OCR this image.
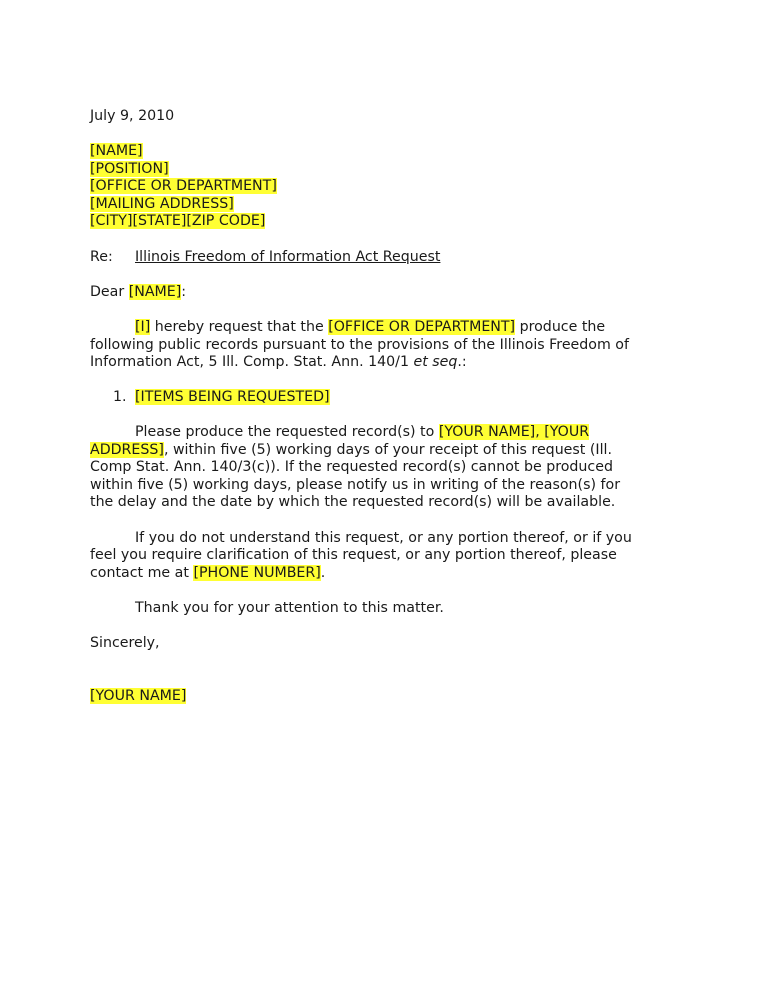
July 9, 2010
[NAME]
[POSITION]
[OFFICE OR DEPARTMENT]
[MAILING ADDRESS]
[CITY][STATE][ZIP CODE]
Re: Illinois Freedom of Information Act Request
Dear [NAME]:
[I] hereby request that the [OFFICE OR DEPARTMENT] produce the
following public records pursuant to the provisions of the Illinois Freedom of
Information Act, 5 Ill. Comp. Stat. Ann. 140/1 et seq.:
1. [ITEMS BEING REQUESTED]
Please produce the requested record(s) to [YOUR NAME], [YOUR
ADDRESS], within five (5) working days of your receipt of this request (Ill.
Comp Stat. Ann. 140/3(c)). If the requested record(s) cannot be produced
within five (5) working days, please notify us in writing of the reason(s) for
the delay and the date by which the requested record(s) will be available.
If you do not understand this request, or any portion thereof, or if you
feel you require clarification of this request, or any portion thereof, please
contact me at [PHONE NUMBER].
Thank you for your attention to this matter.
Sincerely,
[YOUR NAME]
